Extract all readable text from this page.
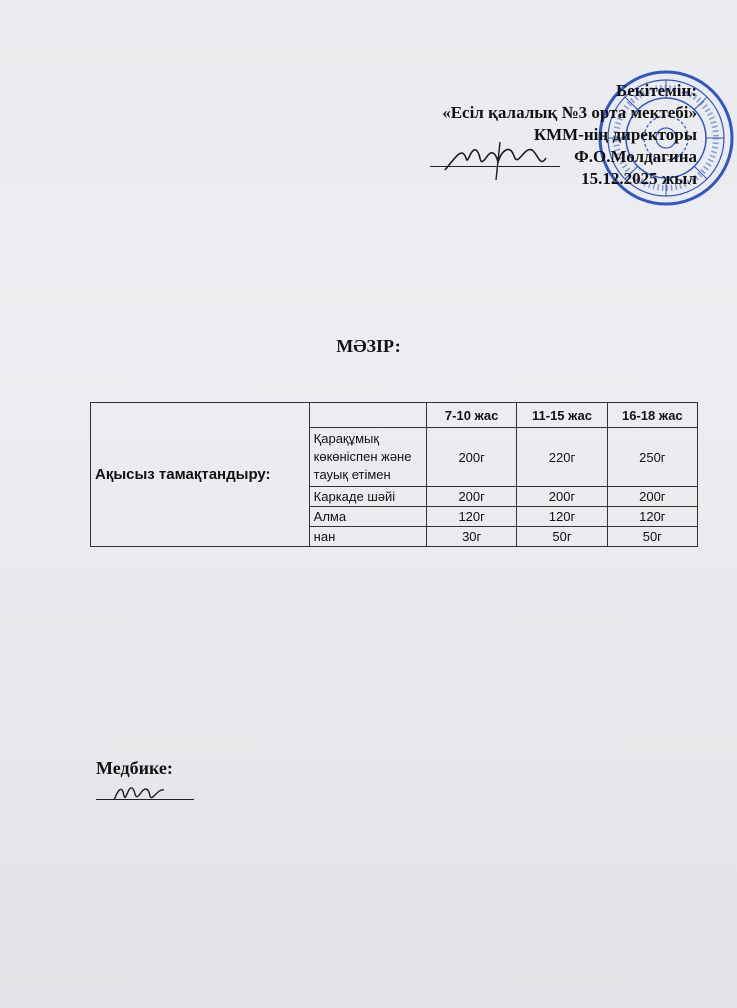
Бекітемін:
«Есіл қалалық №3 орта мектебі»
КММ-нің директоры
Ф.О.Молдагина
15.12.2025 жыл
МӘЗІР:
Ақысыз тамақтандыру:		7-10 жас	11-15 жас	16-18 жас
	Қарақұмық көкөніспен және тауық етімен	200г	220г	250г
	Каркаде шәйі	200г	200г	200г
	Алма	120г	120г	120г
	нан	30г	50г	50г
Медбике:
